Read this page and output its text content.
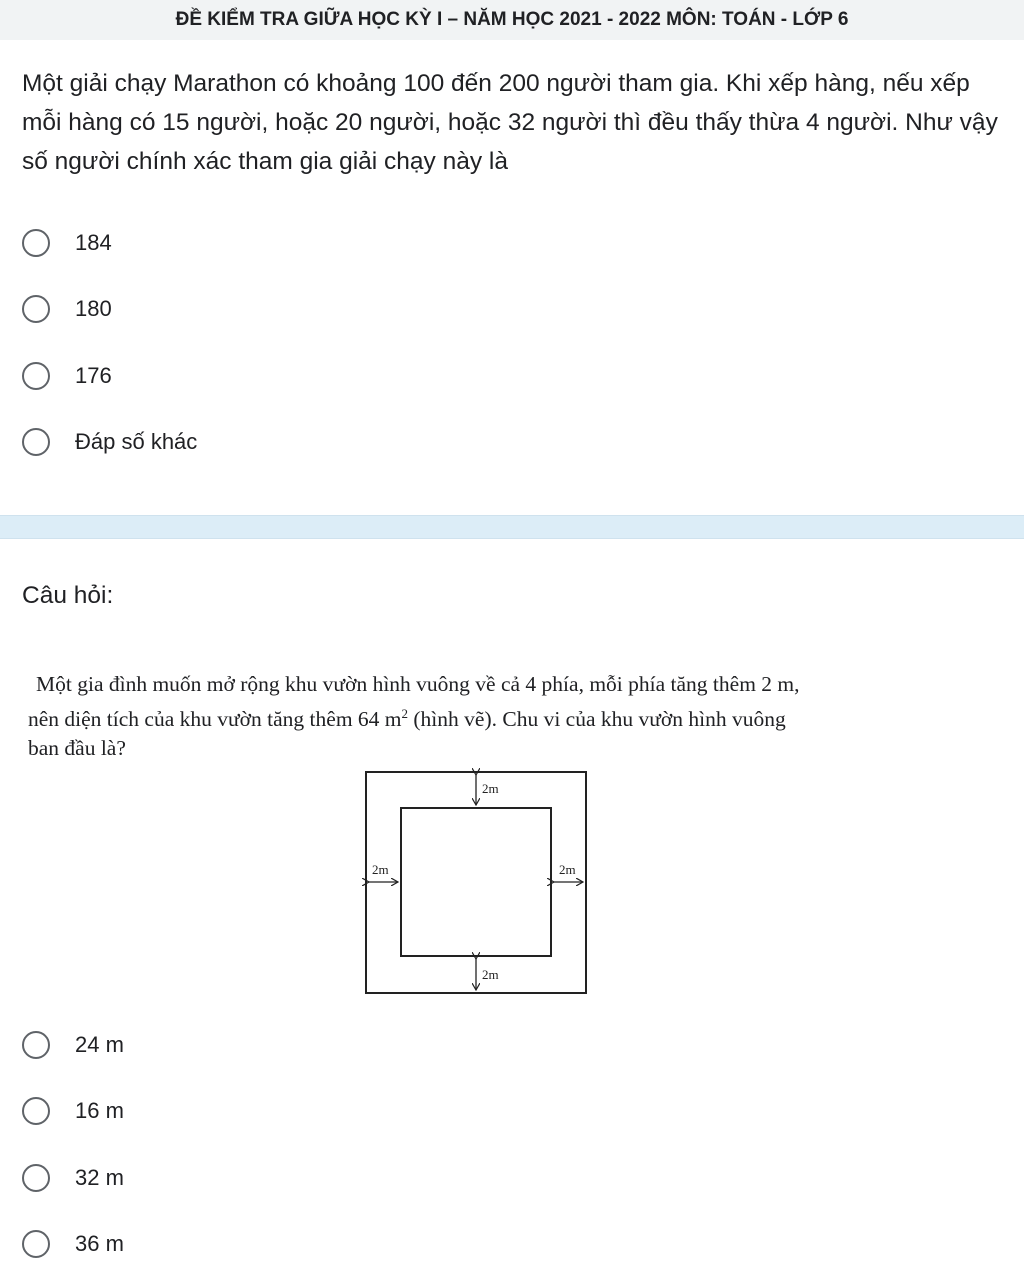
ĐỀ KIỂM TRA GIỮA HỌC KỲ I – NĂM HỌC 2021 - 2022 MÔN: TOÁN - LỚP 6
Một giải chạy Marathon có khoảng 100 đến 200 người tham gia. Khi xếp hàng, nếu xếp mỗi hàng có 15 người, hoặc 20 người, hoặc 32 người thì đều thấy thừa 4 người. Như vậy số người chính xác tham gia giải chạy này là
184
180
176
Đáp số khác
Câu hỏi:

Một gia đình muốn mở rộng khu vườn hình vuông về cả 4 phía, mỗi phía tăng thêm 2 m,

nên diện tích của khu vườn tăng thêm 64 $m^2$ (hình vẽ). Chu vi của khu vườn hình vuông

ban đầu là?

2m
2m	2m
2m
24 m
16 m
32 m
36 m
